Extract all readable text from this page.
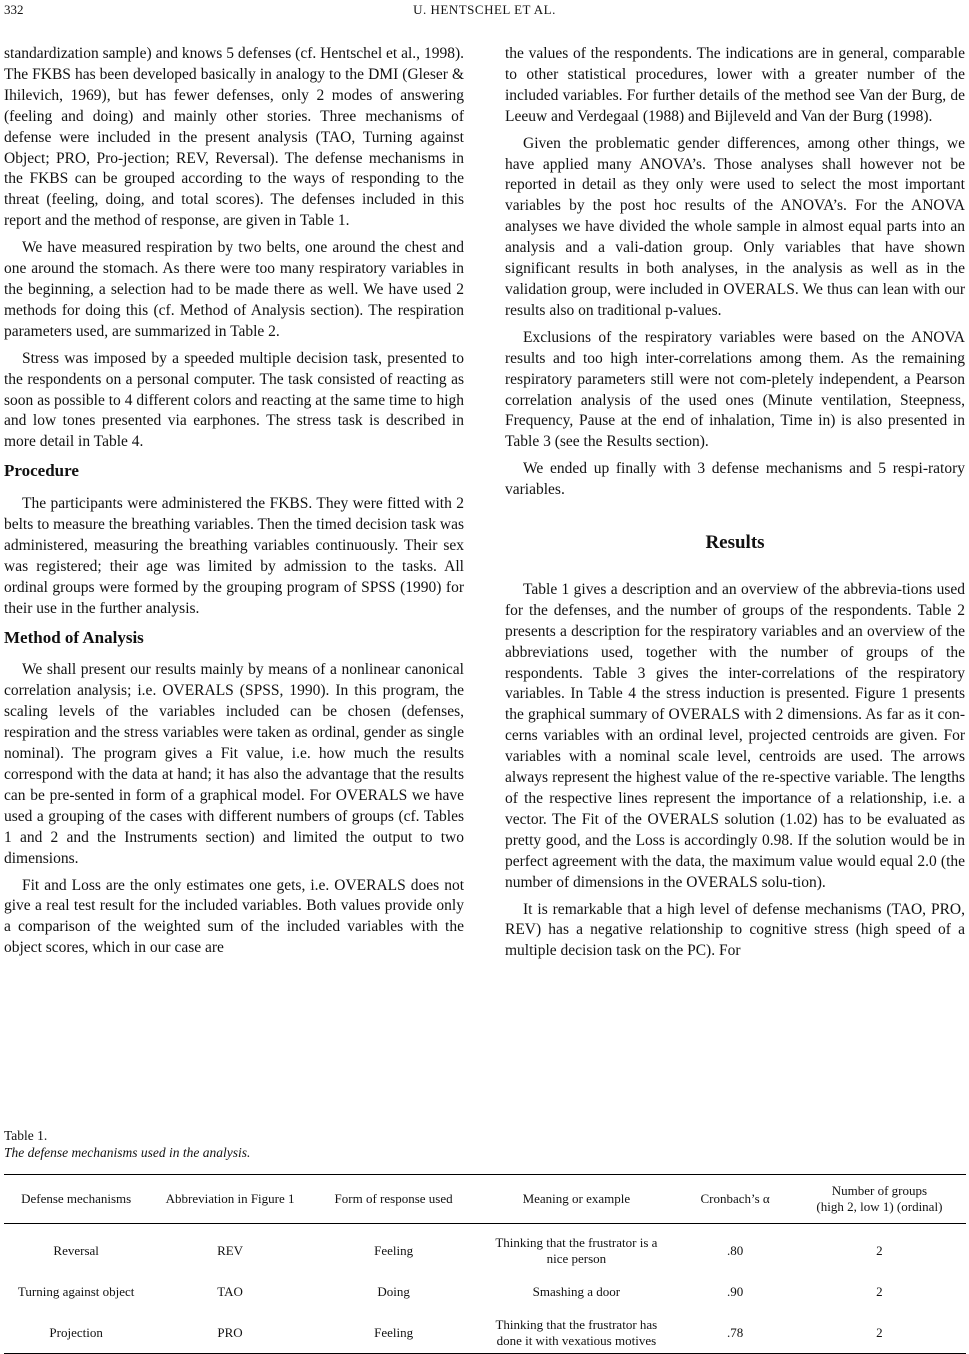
332	U. HENTSCHEL ET AL.

standardization sample) and knows 5 defenses (cf. Hentschel et al., 1998). The FKBS has been developed basically in analogy to the DMI (Gleser & Ihilevich, 1969), but has fewer defenses, only 2 modes of answering (feeling and doing) and mainly other stories. Three mechanisms of defense were included in the present analysis (TAO, Turning against Object; PRO, Pro-jection; REV, Reversal). The defense mechanisms in the FKBS can be grouped according to the ways of responding to the threat (feeling, doing, and total scores). The defenses included in this report and the method of response, are given in Table 1.

We have measured respiration by two belts, one around the chest and one around the stomach. As there were too many respiratory variables in the beginning, a selection had to be made there as well. We have used 2 methods for doing this (cf. Method of Analysis section). The respiration parameters used, are summarized in Table 2.

Stress was imposed by a speeded multiple decision task, presented to the respondents on a personal computer. The task consisted of reacting as soon as possible to 4 different colors and reacting at the same time to high and low tones presented via earphones. The stress task is described in more detail in Table 4.

Procedure

The participants were administered the FKBS. They were fitted with 2 belts to measure the breathing variables. Then the timed decision task was administered, measuring the breathing variables continuously. Their sex was registered; their age was limited by admission to the tasks. All ordinal groups were formed by the grouping program of SPSS (1990) for their use in the further analysis.

Method of Analysis

We shall present our results mainly by means of a nonlinear canonical correlation analysis; i.e. OVERALS (SPSS, 1990). In this program, the scaling levels of the variables included can be chosen (defenses, respiration and the stress variables were taken as ordinal, gender as single nominal). The program gives a Fit value, i.e. how much the results correspond with the data at hand; it has also the advantage that the results can be pre-sented in form of a graphical model. For OVERALS we have used a grouping of the cases with different numbers of groups (cf. Tables 1 and 2 and the Instruments section) and limited the output to two dimensions.

Fit and Loss are the only estimates one gets, i.e. OVERALS does not give a real test result for the included variables. Both values provide only a comparison of the weighted sum of the included variables with the object scores, which in our case are

the values of the respondents. The indications are in general, comparable to other statistical procedures, lower with a greater number of the included variables. For further details of the method see Van der Burg, de Leeuw and Verdegaal (1988) and Bijleveld and Van der Burg (1998).

Given the problematic gender differences, among other things, we have applied many ANOVA’s. Those analyses shall however not be reported in detail as they only were used to select the most important variables by the post hoc results of the ANOVA’s. For the ANOVA analyses we have divided the whole sample in almost equal parts into an analysis and a vali-dation group. Only variables that have shown significant results in both analyses, in the analysis as well as in the validation group, were included in OVERALS. We thus can lean with our results also on traditional p-values.

Exclusions of the respiratory variables were based on the ANOVA results and too high inter-correlations among them. As the remaining respiratory parameters still were not com-pletely independent, a Pearson correlation analysis of the used ones (Minute ventilation, Steepness, Frequency, Pause at the end of inhalation, Time in) is also presented in Table 3 (see the Results section).

We ended up finally with 3 defense mechanisms and 5 respi-ratory variables.

Results

Table 1 gives a description and an overview of the abbrevia-tions used for the defenses, and the number of groups of the respondents. Table 2 presents a description for the respiratory variables and an overview of the abbreviations used, together with the number of groups of the respondents. Table 3 gives the inter-correlations of the respiratory variables. In Table 4 the stress induction is presented. Figure 1 presents the graphical summary of OVERALS with 2 dimensions. As far as it con-cerns variables with an ordinal level, projected centroids are given. For variables with a nominal scale level, centroids are used. The arrows always represent the highest value of the re-spective variable. The lengths of the respective lines represent the importance of a relationship, i.e. a vector. The Fit of the OVERALS solution (1.02) has to be evaluated as pretty good, and the Loss is accordingly 0.98. If the solution would be in perfect agreement with the data, the maximum value would equal 2.0 (the number of dimensions in the OVERALS solu-tion).

It is remarkable that a high level of defense mechanisms (TAO, PRO, REV) has a negative relationship to cognitive stress (high speed of a multiple decision task on the PC). For

Table 1.
The defense mechanisms used in the analysis.
Defense mechanisms	Abbreviation in Figure 1	Form of response used	Meaning or example	Cronbach’s α	Number of groups
(high 2, low 1) (ordinal)

Reversal	REV	Feeling	Thinking that the frustrator is a
nice person	.80	2
Turning against object	TAO	Doing	Smashing a door	.90	2
Projection	PRO	Feeling	Thinking that the frustrator has
done it with vexatious motives	.78	2
